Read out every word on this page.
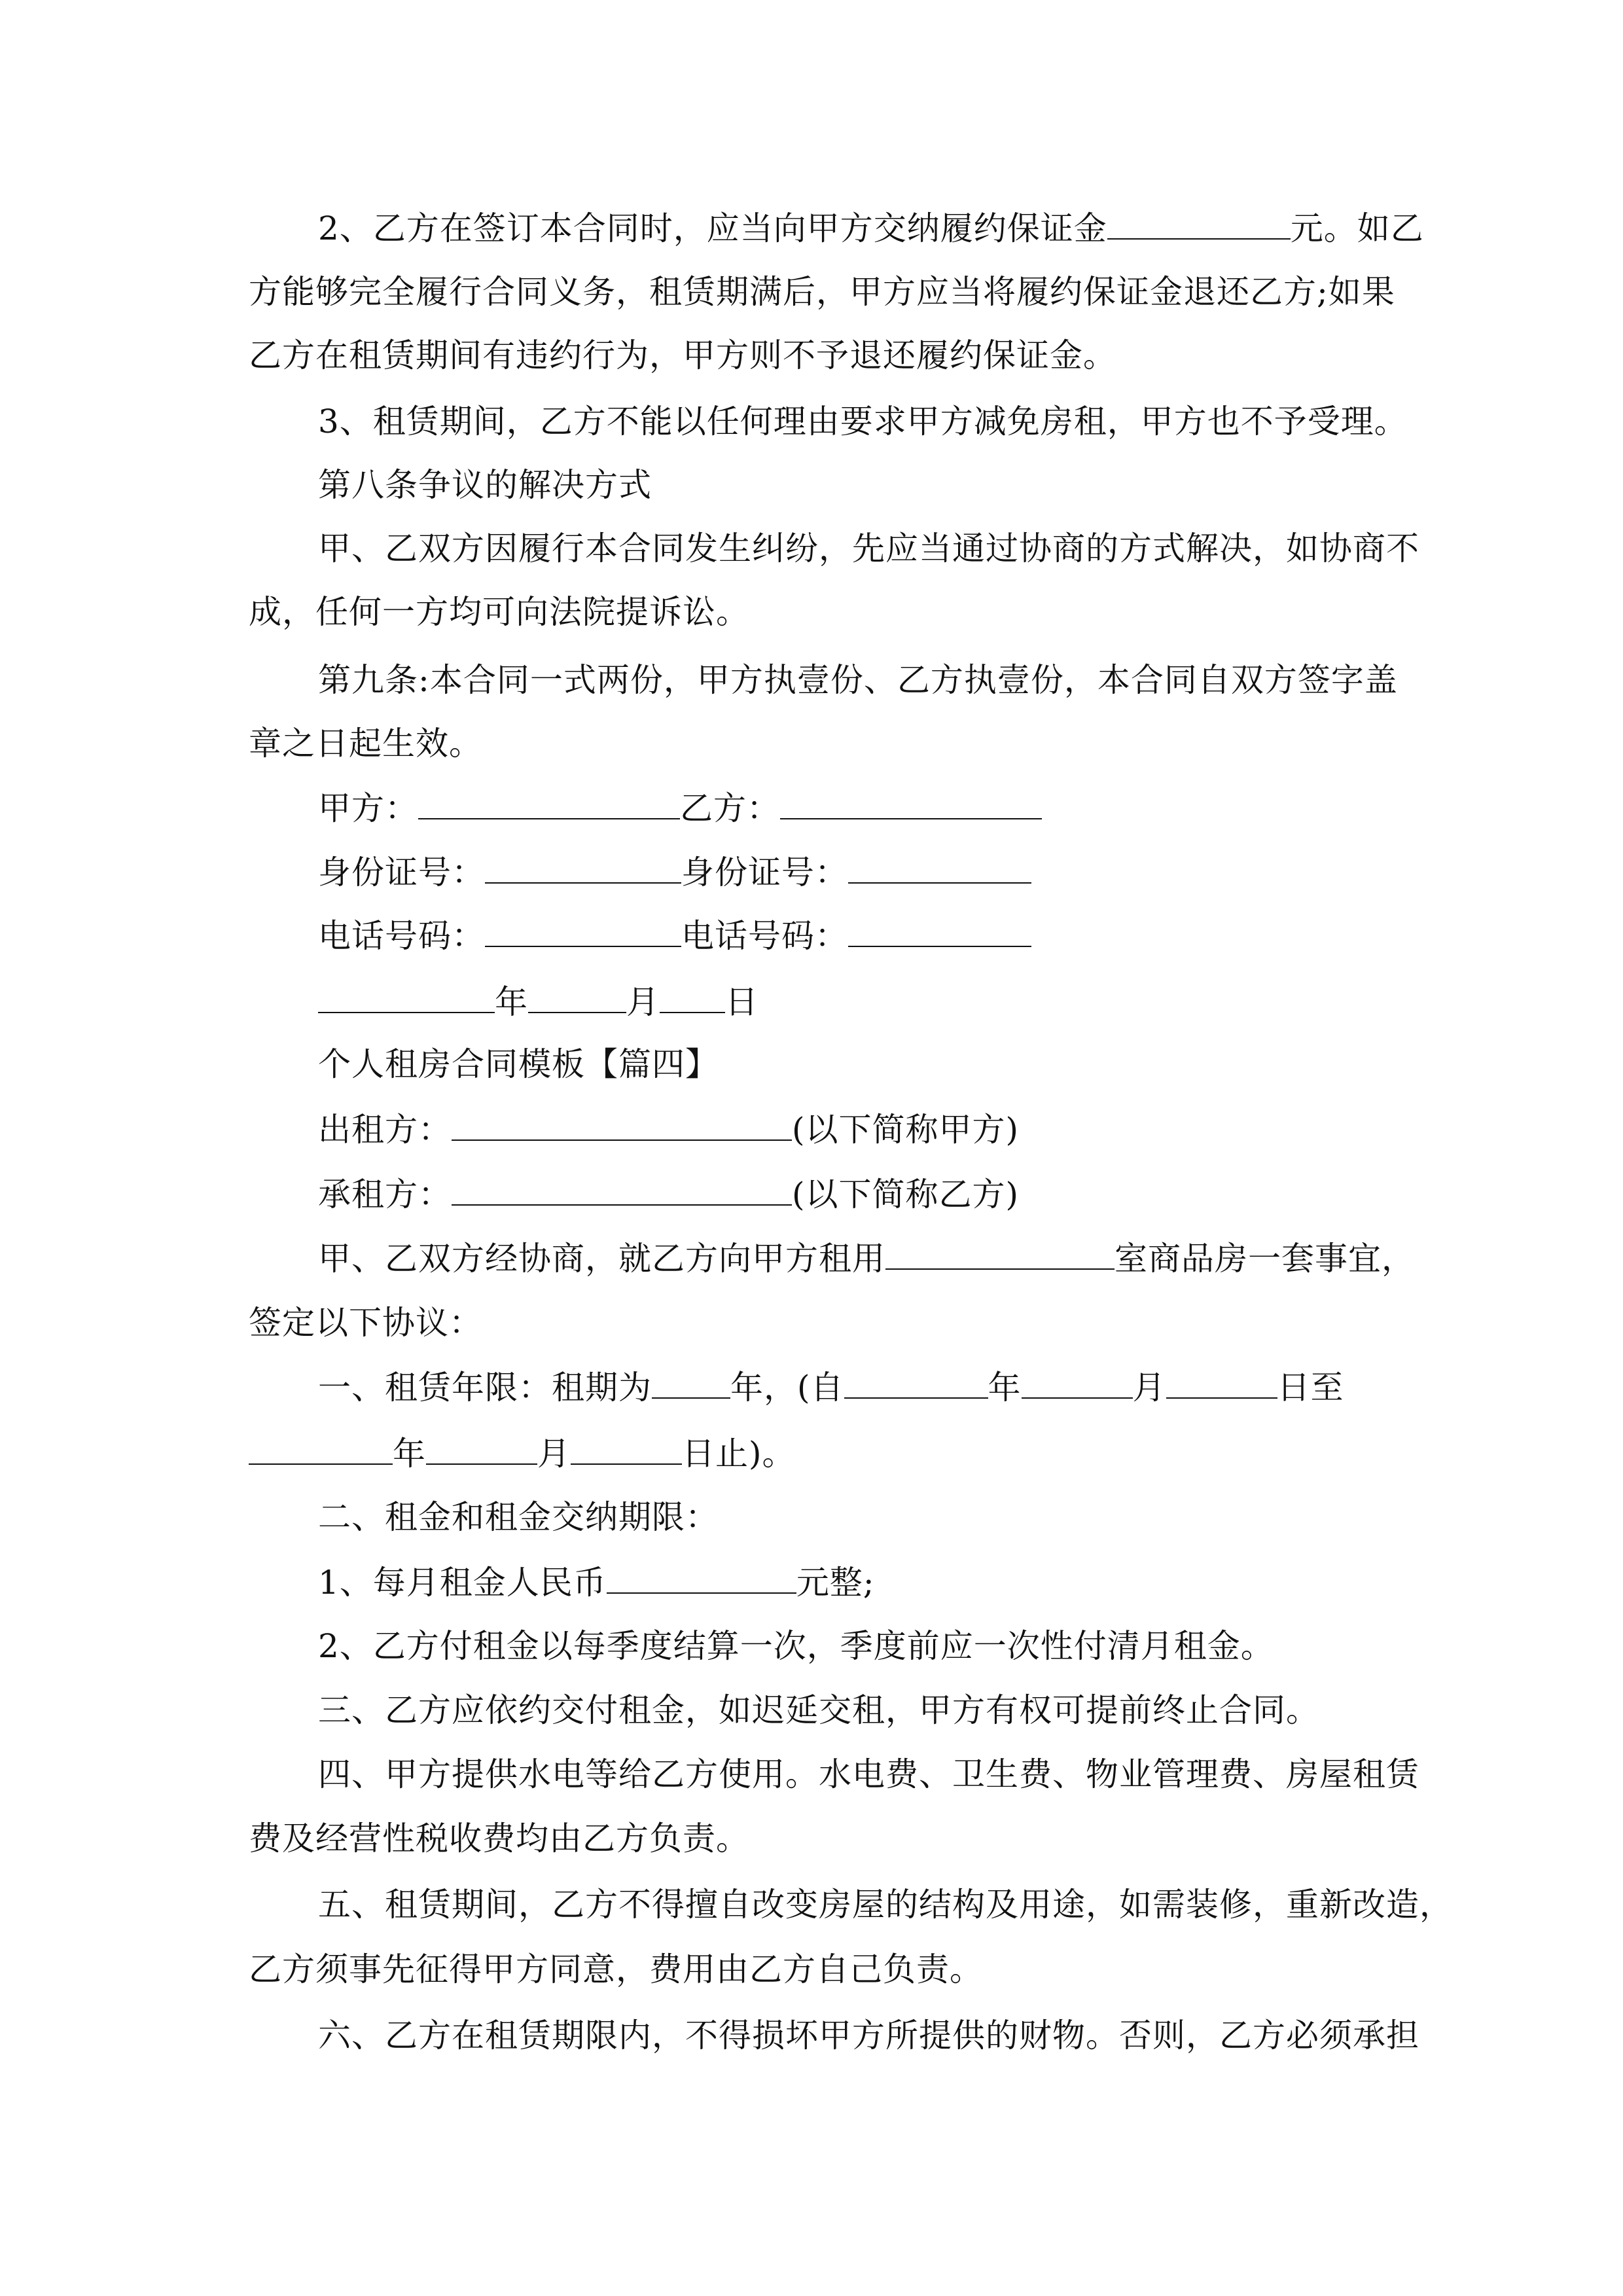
2、乙方在签订本合同时，应当向甲方交纳履约保证金	元。如乙
方能够完全履行合同义务，租赁期满后，甲方应当将履约保证金退还乙方;如果
乙方在租赁期间有违约行为，甲方则不予退还履约保证金。
3、租赁期间，乙方不能以任何理由要求甲方减免房租，甲方也不予受理。
第八条争议的解决方式
甲、乙双方因履行本合同发生纠纷，先应当通过协商的方式解决，如协商不
成，任何一方均可向法院提诉讼。
第九条:本合同一式两份，甲方执壹份、乙方执壹份，本合同自双方签字盖
章之日起生效。
甲方：	乙方：
身份证号：	身份证号：
电话号码：	电话号码：
年	月 日
个人租房合同模板【篇四】
出租方：	(以下简称甲方)
承租方：	(以下简称乙方)
甲、乙双方经协商，就乙方向甲方租用	室商品房一套事宜，
签定以下协议：
一、租赁年限：租期为 年，(自	年	月	日至
年	月	日止)。
二、租金和租金交纳期限：
1、每月租金人民币	元整;
2、乙方付租金以每季度结算一次，季度前应一次性付清月租金。
三、乙方应依约交付租金，如迟延交租，甲方有权可提前终止合同。
四、甲方提供水电等给乙方使用。水电费、卫生费、物业管理费、房屋租赁
费及经营性税收费均由乙方负责。
五、租赁期间，乙方不得擅自改变房屋的结构及用途，如需装修，重新改造，
乙方须事先征得甲方同意，费用由乙方自己负责。
六、乙方在租赁期限内，不得损坏甲方所提供的财物。否则，乙方必须承担
